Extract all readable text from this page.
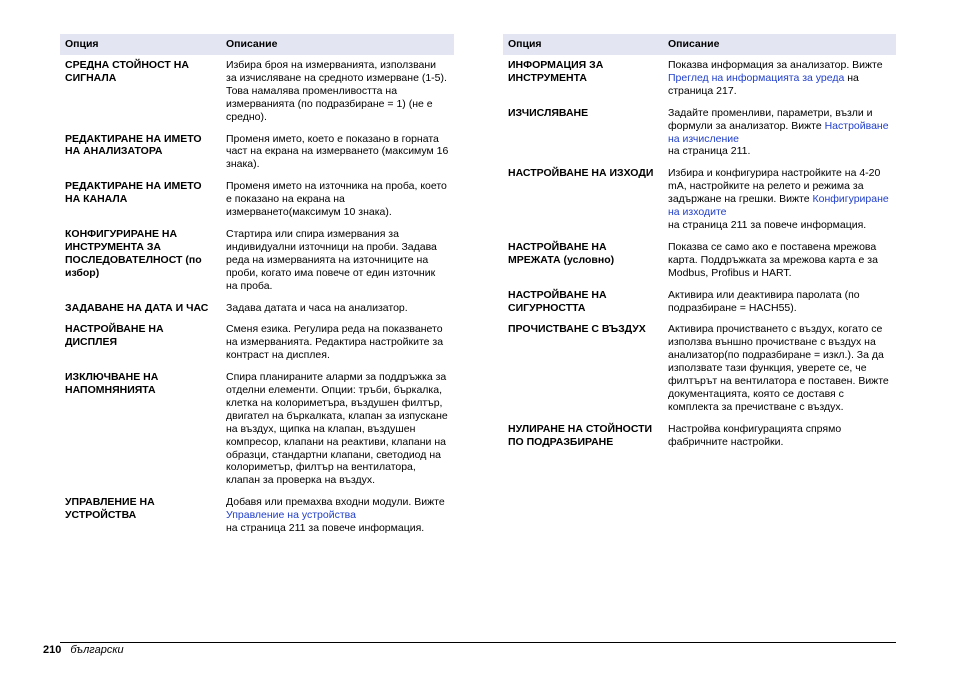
Опция	Описание
СРЕДНА СТОЙНОСТ НА СИГНАЛА	Избира броя на измерванията, използвани за изчисляване на средното измерване (1-5). Това намалява променливостта на измерванията (по подразбиране = 1) (не е средно).
РЕДАКТИРАНЕ НА ИМЕТО НА АНАЛИЗАТОРА	Променя името, което е показано в горната част на екрана на измерването (максимум 16 знака).
РЕДАКТИРАНЕ НА ИМЕТО НА КАНАЛА	Променя името на източника на проба, което е показано на екрана на измерването(максимум 10 знака).
КОНФИГУРИРАНЕ НА ИНСТРУМЕНТА ЗА ПОСЛЕДОВАТЕЛНОСТ (по избор)	Стартира или спира измервания за индивидуални източници на проби. Задава реда на измерванията на източниците на проби, когато има повече от един източник на проба.
ЗАДАВАНЕ НА ДАТА И ЧАС	Задава датата и часа на анализатор.
НАСТРОЙВАНЕ НА ДИСПЛЕЯ	Сменя езика. Регулира реда на показването на измерванията. Редактира настройките за контраст на дисплея.
ИЗКЛЮЧВАНЕ НА НАПОМНЯНИЯТА	Спира планираните аларми за поддръжка за отделни елементи. Опции: тръби, бъркалка, клетка на колориметъра, въздушен филтър, двигател на бъркалката, клапан за изпускане на въздух, щипка на клапан, въздушен компресор, клапани на реактиви, клапани на образци, стандартни клапани, светодиод на колориметър, филтър на вентилатора, клапан за проверка на въздух.
УПРАВЛЕНИЕ НА УСТРОЙСТВА	Добавя или премахва входни модули. Вижте Управление на устройства
на страница 211 за повече информация.
Опция	Описание
ИНФОРМАЦИЯ ЗА ИНСТРУМЕНТА	Показва информация за анализатор. Вижте Преглед на информацията за уреда на страница 217.
ИЗЧИСЛЯВАНЕ	Задайте променливи, параметри, възли и формули за анализатор. Вижте Настройване на изчисление
на страница 211.
НАСТРОЙВАНЕ НА ИЗХОДИ	Избира и конфигурира настройките на 4-20 mA, настройките на релето и режима за задържане на грешки. Вижте Конфигуриране на изходите
на страница 211 за повече информация.
НАСТРОЙВАНЕ НА МРЕЖАТА (условно)	Показва се само ако е поставена мрежова карта. Поддръжката за мрежова карта е за Modbus, Profibus и HART.
НАСТРОЙВАНЕ НА СИГУРНОСТТА	Активира или деактивира паролата (по подразбиране = HACH55).
ПРОЧИСТВАНЕ С ВЪЗДУХ	Активира прочистването с въздух, когато се използва външно прочистване с въздух на анализатор(по подразбиране = изкл.). За да използвате тази функция, уверете се, че филтърът на вентилатора е поставен. Вижте документацията, която се доставя с комплекта за пречистване с въздух.
НУЛИРАНЕ НА СТОЙНОСТИ ПО ПОДРАЗБИРАНЕ	Настройва конфигурацията спрямо фабричните настройки.
210 български
